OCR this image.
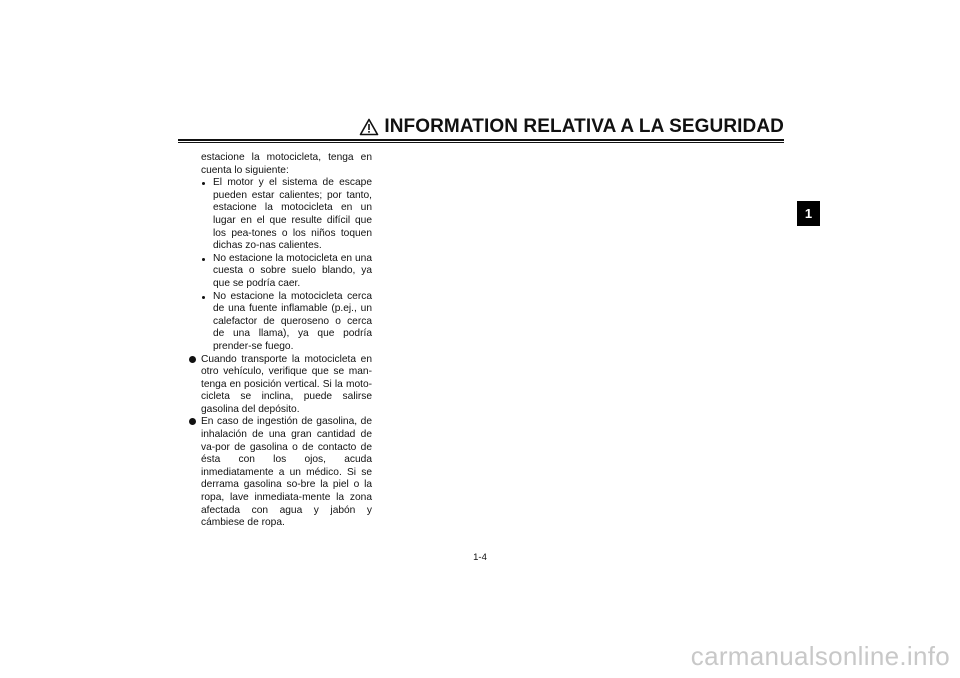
INFORMATION RELATIVA A LA SEGURIDAD
1
estacione la motocicleta, tenga en cuenta lo siguiente:
El motor y el sistema de escape pueden estar calientes; por tanto, estacione la motocicleta en un lugar en el que resulte difícil que los pea-tones o los niños toquen dichas zo-nas calientes.
No estacione la motocicleta en una cuesta o sobre suelo blando, ya que se podría caer.
No estacione la motocicleta cerca de una fuente inflamable (p.ej., un calefactor de queroseno o cerca de una llama), ya que podría prender-se fuego.
Cuando transporte la motocicleta en otro vehículo, verifique que se man-tenga en posición vertical. Si la moto-cicleta se inclina, puede salirse gasolina del depósito.
En caso de ingestión de gasolina, de inhalación de una gran cantidad de va-por de gasolina o de contacto de ésta con los ojos, acuda inmediatamente a un médico. Si se derrama gasolina so-bre la piel o la ropa, lave inmediata-mente la zona afectada con agua y jabón y cámbiese de ropa.
1-4
carmanualsonline.info
